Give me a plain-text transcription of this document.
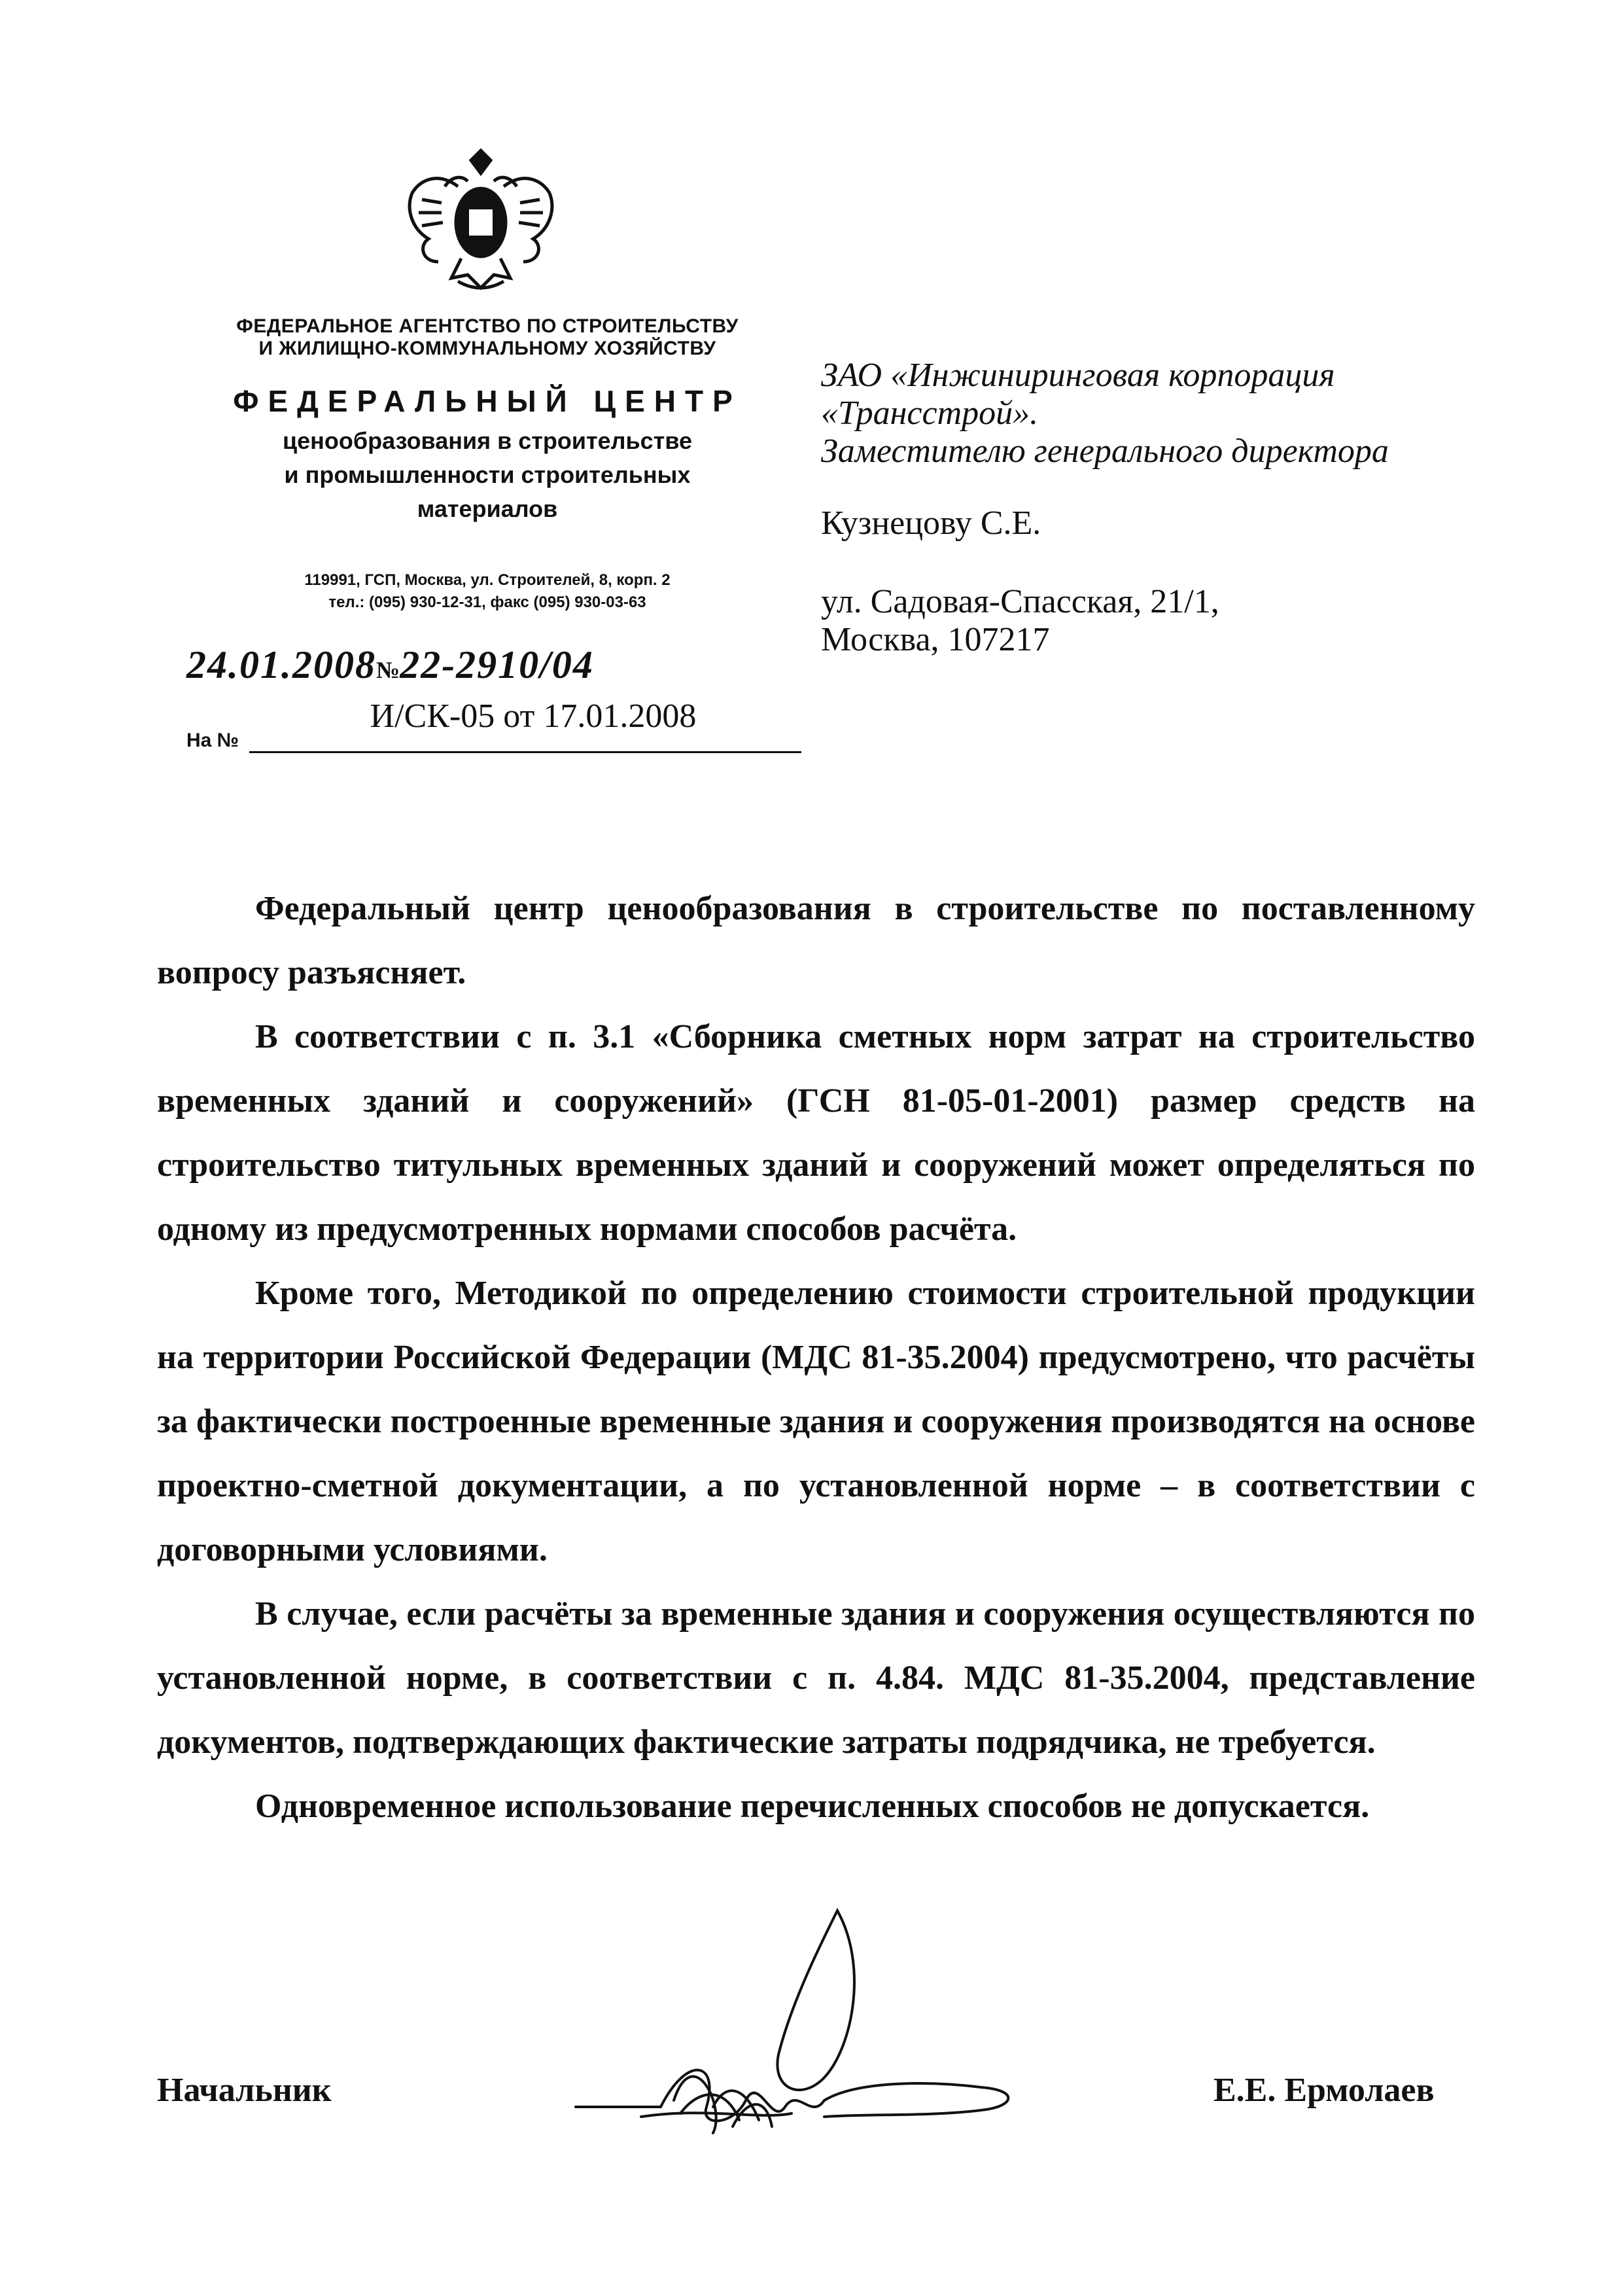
ФЕДЕРАЛЬНОЕ АГЕНТСТВО ПО СТРОИТЕЛЬСТВУ
И ЖИЛИЩНО-КОММУНАЛЬНОМУ ХОЗЯЙСТВУ
ФЕДЕРАЛЬНЫЙ ЦЕНТР
ценообразования в строительстве
и промышленности строительных
материалов
119991, ГСП, Москва, ул. Строителей, 8, корп. 2
тел.: (095) 930-12-31, факс (095) 930-03-63
24.01.2008№22-2910/04
На №
И/СК-05 от 17.01.2008
ЗАО «Инжиниринговая корпорация
«Трансстрой».
Заместителю генерального директора
Кузнецову С.Е.
ул. Садовая-Спасская, 21/1,
Москва, 107217

Федеральный центр ценообразования в строительстве по поставленному вопросу разъясняет.

В соответствии с п. 3.1 «Сборника сметных норм затрат на строительство временных зданий и сооружений» (ГСН 81-05-01-2001) размер средств на строительство титульных временных зданий и сооружений может определяться по одному из предусмотренных нормами способов расчёта.

Кроме того, Методикой по определению стоимости строительной продукции на территории Российской Федерации (МДС 81-35.2004) предусмотрено, что расчёты за фактически построенные временные здания и сооружения производятся на основе проектно-сметной документации, а по установленной норме – в соответствии с договорными условиями.

В случае, если расчёты за временные здания и сооружения осуществляются по установленной норме, в соответствии с п. 4.84. МДС 81-35.2004, представление документов, подтверждающих фактические затраты подрядчика, не требуется.

Одновременное использование перечисленных способов не допускается.

Начальник	Е.Е. Ермолаев
